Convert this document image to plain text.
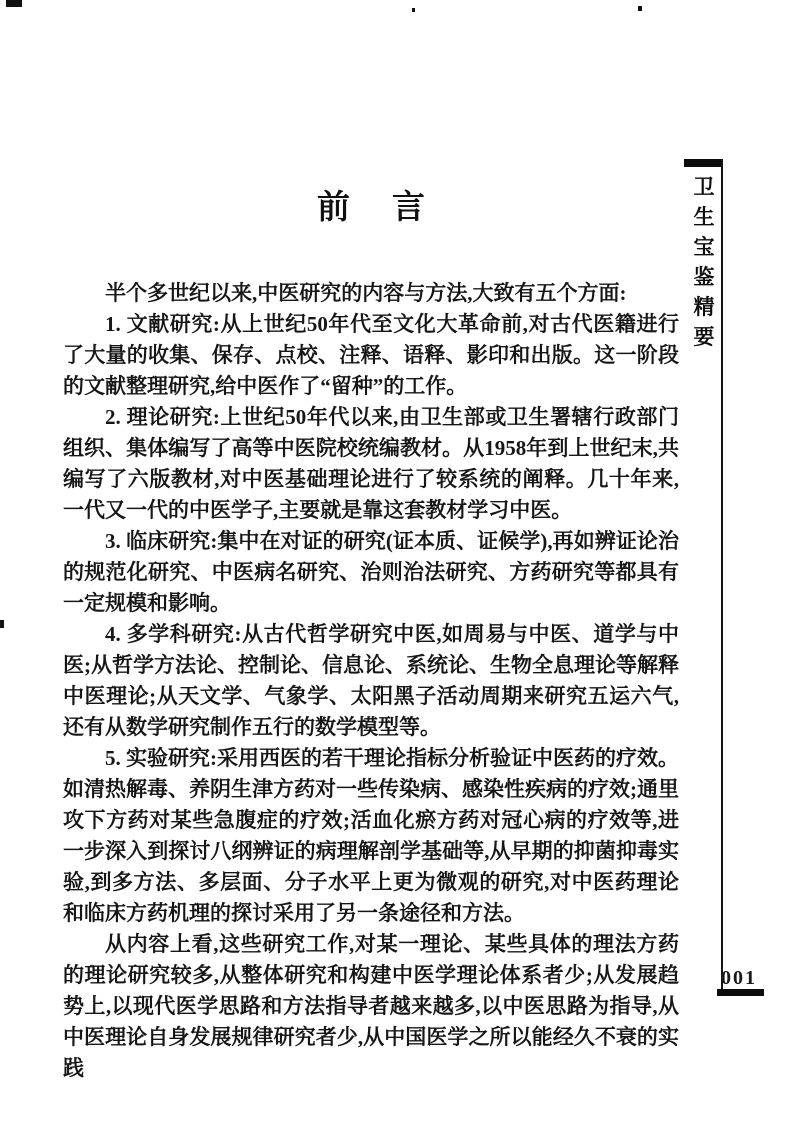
前 言

半个多世纪以来,中医研究的内容与方法,大致有五个方面:

1. 文献研究:从上世纪50年代至文化大革命前,对古代医籍进行了大量的收集、保存、点校、注释、语释、影印和出版。这一阶段的文献整理研究,给中医作了“留种”的工作。

2. 理论研究:上世纪50年代以来,由卫生部或卫生署辖行政部门组织、集体编写了高等中医院校统编教材。从1958年到上世纪末,共编写了六版教材,对中医基础理论进行了较系统的阐释。几十年来,一代又一代的中医学子,主要就是靠这套教材学习中医。

3. 临床研究:集中在对证的研究(证本质、证候学),再如辨证论治的规范化研究、中医病名研究、治则治法研究、方药研究等都具有一定规模和影响。

4. 多学科研究:从古代哲学研究中医,如周易与中医、道学与中医;从哲学方法论、控制论、信息论、系统论、生物全息理论等解释中医理论;从天文学、气象学、太阳黑子活动周期来研究五运六气,还有从数学研究制作五行的数学模型等。

5. 实验研究:采用西医的若干理论指标分析验证中医药的疗效。如清热解毒、养阴生津方药对一些传染病、感染性疾病的疗效;通里攻下方药对某些急腹症的疗效;活血化瘀方药对冠心病的疗效等,进一步深入到探讨八纲辨证的病理解剖学基础等,从早期的抑菌抑毒实验,到多方法、多层面、分子水平上更为微观的研究,对中医药理论和临床方药机理的探讨采用了另一条途径和方法。

从内容上看,这些研究工作,对某一理论、某些具体的理法方药的理论研究较多,从整体研究和构建中医学理论体系者少;从发展趋势上,以现代医学思路和方法指导者越来越多,以中医思路为指导,从中医理论自身发展规律研究者少,从中国医学之所以能经久不衰的实践

卫
生
宝
鉴
精
要
001
